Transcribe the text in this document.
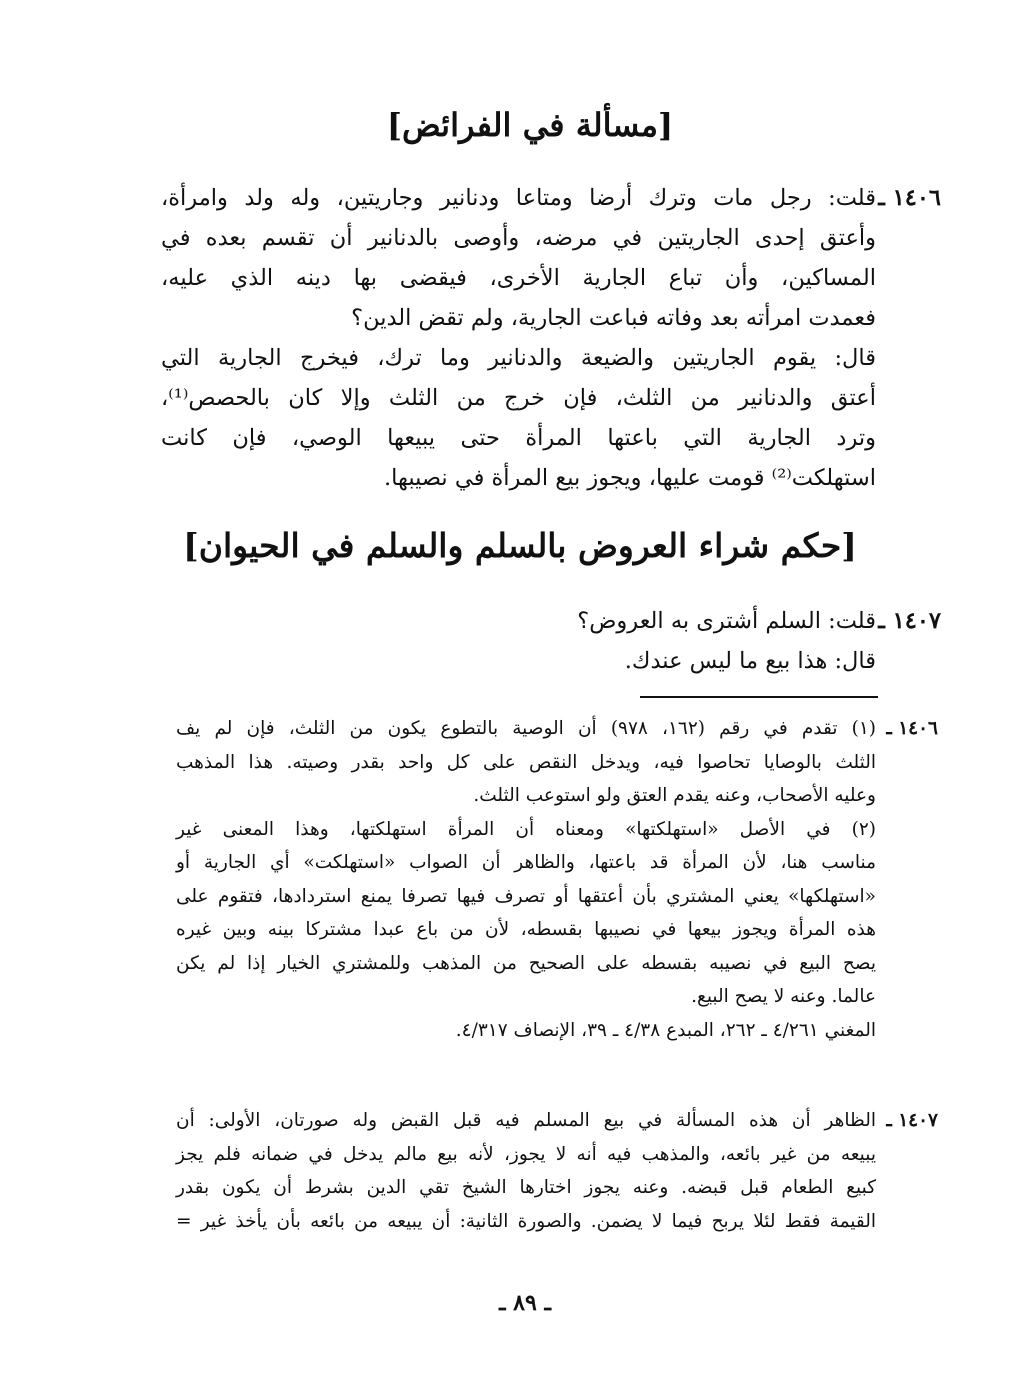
[مسألة في الفرائض]
١٤٠٦ ـ
قلت: رجل مات وترك أرضا ومتاعا ودنانير وجاريتين، وله ولد وامرأة،
وأعتق إحدى الجاريتين في مرضه، وأوصى بالدنانير أن تقسم بعده في
المساكين، وأن تباع الجارية الأخرى، فيقضى بها دينه الذي عليه،
فعمدت امرأته بعد وفاته فباعت الجارية، ولم تقض الدين؟
قال: يقوم الجاريتين والضيعة والدنانير وما ترك، فيخرج الجارية التي
أعتق والدنانير من الثلث، فإن خرج من الثلث وإلا كان بالحصص⁽¹⁾،
وترد الجارية التي باعتها المرأة حتى يبيعها الوصي، فإن كانت
استهلكت⁽²⁾ قومت عليها، ويجوز بيع المرأة في نصيبها.
[حكم شراء العروض بالسلم والسلم في الحيوان]
١٤٠٧ ـ
قلت: السلم أشترى به العروض؟
قال: هذا بيع ما ليس عندك.
١٤٠٦ ـ
(١) تقدم في رقم (١٦٢، ٩٧٨) أن الوصية بالتطوع يكون من الثلث، فإن لم يف
الثلث بالوصايا تحاصوا فيه، ويدخل النقص على كل واحد بقدر وصيته. هذا المذهب
وعليه الأصحاب، وعنه يقدم العتق ولو استوعب الثلث.
(٢) في الأصل «استهلكتها» ومعناه أن المرأة استهلكتها، وهذا المعنى غير
مناسب هنا، لأن المرأة قد باعتها، والظاهر أن الصواب «استهلكت» أي الجارية أو
«استهلكها» يعني المشتري بأن أعتقها أو تصرف فيها تصرفا يمنع استردادها، فتقوم على
هذه المرأة ويجوز بيعها في نصيبها بقسطه، لأن من باع عبدا مشتركا بينه وبين غيره
يصح البيع في نصيبه بقسطه على الصحيح من المذهب وللمشتري الخيار إذا لم يكن
عالما. وعنه لا يصح البيع.
المغني ٤/٢٦١ ـ ٢٦٢، المبدع ٤/٣٨ ـ ٣٩، الإنصاف ٤/٣١٧.
١٤٠٧ ـ
الظاهر أن هذه المسألة في بيع المسلم فيه قبل القبض وله صورتان، الأولى: أن
يبيعه من غير بائعه، والمذهب فيه أنه لا يجوز، لأنه بيع مالم يدخل في ضمانه فلم يجز
كبيع الطعام قبل قبضه. وعنه يجوز اختارها الشيخ تقي الدين بشرط أن يكون بقدر
القيمة فقط لئلا يربح فيما لا يضمن. والصورة الثانية: أن يبيعه من بائعه بأن يأخذ غير =
ـ ٨٩ ـ
